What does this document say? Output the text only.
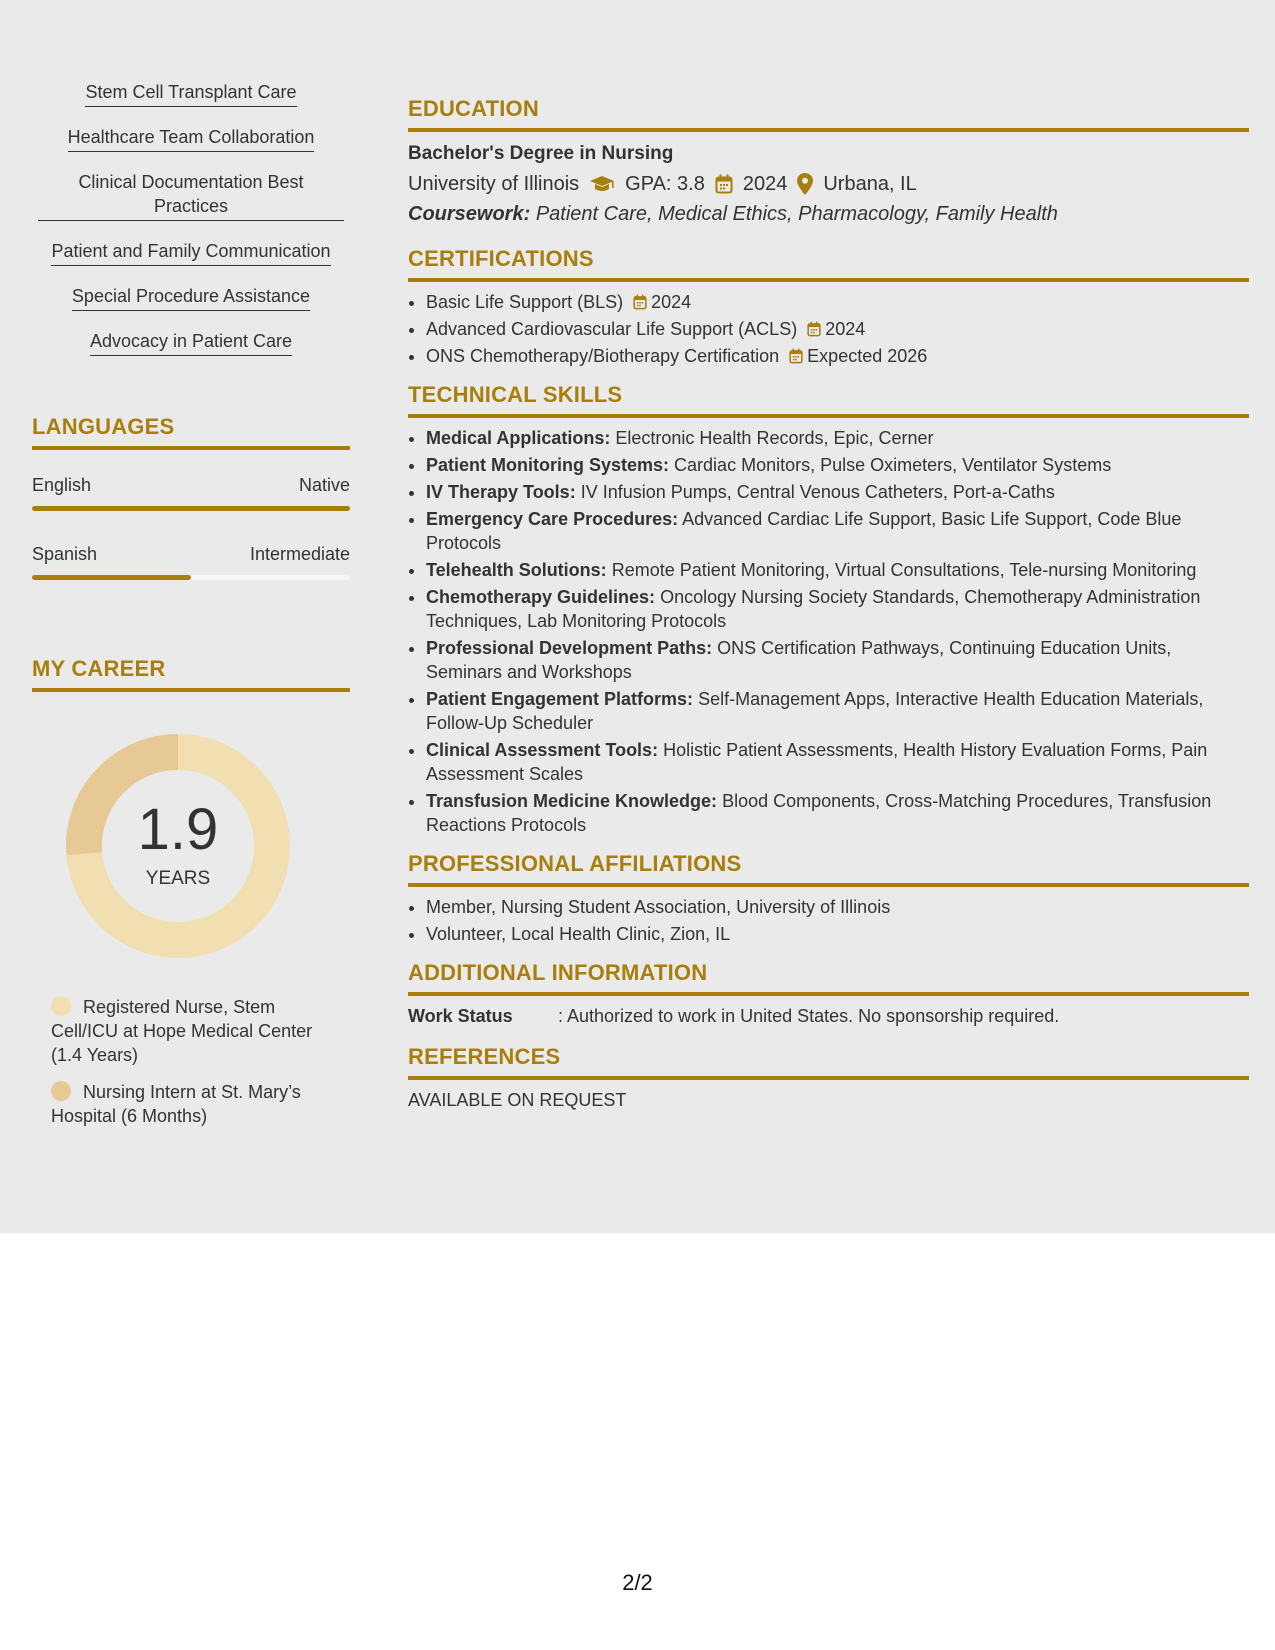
Stem Cell Transplant Care
Healthcare Team Collaboration
Clinical Documentation Best Practices
Patient and Family Communication
Special Procedure Assistance
Advocacy in Patient Care
LANGUAGES
English	Native
Spanish	Intermediate
MY CAREER
1.9
YEARS
Registered Nurse, Stem Cell/ICU at Hope Medical Center (1.4 Years)
Nursing Intern at St. Mary’s Hospital (6 Months)
EDUCATION
Bachelor's Degree in Nursing
University of Illinois GPA: 3.8 2024 Urbana, IL
Coursework: Patient Care, Medical Ethics, Pharmacology, Family Health
CERTIFICATIONS
• Basic Life Support (BLS) 2024
• Advanced Cardiovascular Life Support (ACLS) 2024
• ONS Chemotherapy/Biotherapy Certification Expected 2026
TECHNICAL SKILLS
• Medical Applications: Electronic Health Records, Epic, Cerner
• Patient Monitoring Systems: Cardiac Monitors, Pulse Oximeters, Ventilator Systems
• IV Therapy Tools: IV Infusion Pumps, Central Venous Catheters, Port-a-Caths
• Emergency Care Procedures: Advanced Cardiac Life Support, Basic Life Support, Code Blue Protocols
• Telehealth Solutions: Remote Patient Monitoring, Virtual Consultations, Tele-nursing Monitoring
• Chemotherapy Guidelines: Oncology Nursing Society Standards, Chemotherapy Administration Techniques, Lab Monitoring Protocols
• Professional Development Paths: ONS Certification Pathways, Continuing Education Units, Seminars and Workshops
• Patient Engagement Platforms: Self-Management Apps, Interactive Health Education Materials, Follow-Up Scheduler
• Clinical Assessment Tools: Holistic Patient Assessments, Health History Evaluation Forms, Pain Assessment Scales
• Transfusion Medicine Knowledge: Blood Components, Cross-Matching Procedures, Transfusion Reactions Protocols
PROFESSIONAL AFFILIATIONS
• Member, Nursing Student Association, University of Illinois
• Volunteer, Local Health Clinic, Zion, IL
ADDITIONAL INFORMATION
Work Status	: Authorized to work in United States. No sponsorship required.
REFERENCES
AVAILABLE ON REQUEST
2/2
